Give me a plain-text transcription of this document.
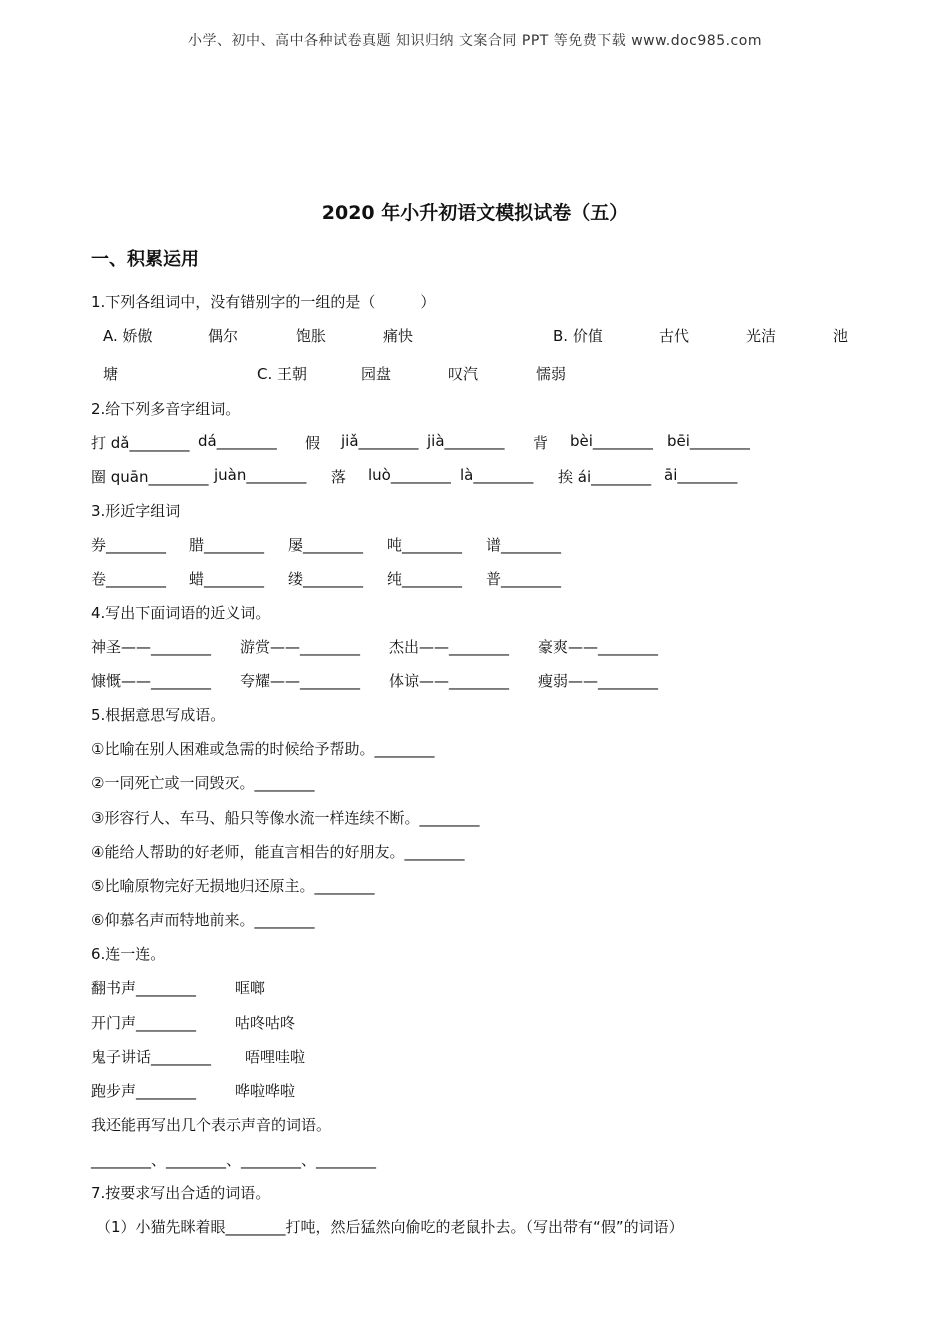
小学、初中、高中各种试卷真题 知识归纳 文案合同 PPT 等免费下载 www.doc985.com
2020 年小升初语文模拟试卷（五）
一、积累运用
1.下列各组词中，没有错别字的一组的是（　　　）
A. 娇傲	偶尔	饱胀	痛快	B. 价值	古代	光洁	池
塘	C. 王朝	园盘	叹汽	懦弱
2.给下列多音字组词。
打 dǎ________ dá________ 假 jiǎ________ jià________ 背 bèi________ bēi________
圈 quān________ juàn________ 落 luò________ là________ 挨 ái________ āi________
3.形近字组词
券________ 腊________ 屡________ 吨________ 谱________
卷________ 蜡________ 缕________ 纯________ 普________
4.写出下面词语的近义词。
神圣——________ 游赏——________ 杰出——________ 豪爽——________
慷慨——________ 夸耀——________ 体谅——________ 瘦弱——________
5.根据意思写成语。
①比喻在别人困难或急需的时候给予帮助。________
②一同死亡或一同毁灭。________
③形容行人、车马、船只等像水流一样连续不断。________
④能给人帮助的好老师，能直言相告的好朋友。________
⑤比喻原物完好无损地归还原主。________
⑥仰慕名声而特地前来。________
6.连一连。
翻书声________	哐啷
开门声________	咕咚咕咚
鬼子讲话________ 唔哩哇啦
跑步声________	哗啦哗啦
我还能再写出几个表示声音的词语。
________、________、________、________
7.按要求写出合适的词语。
（1）小猫先眯着眼________打吨，然后猛然向偷吃的老鼠扑去。（写出带有“假”的词语）
